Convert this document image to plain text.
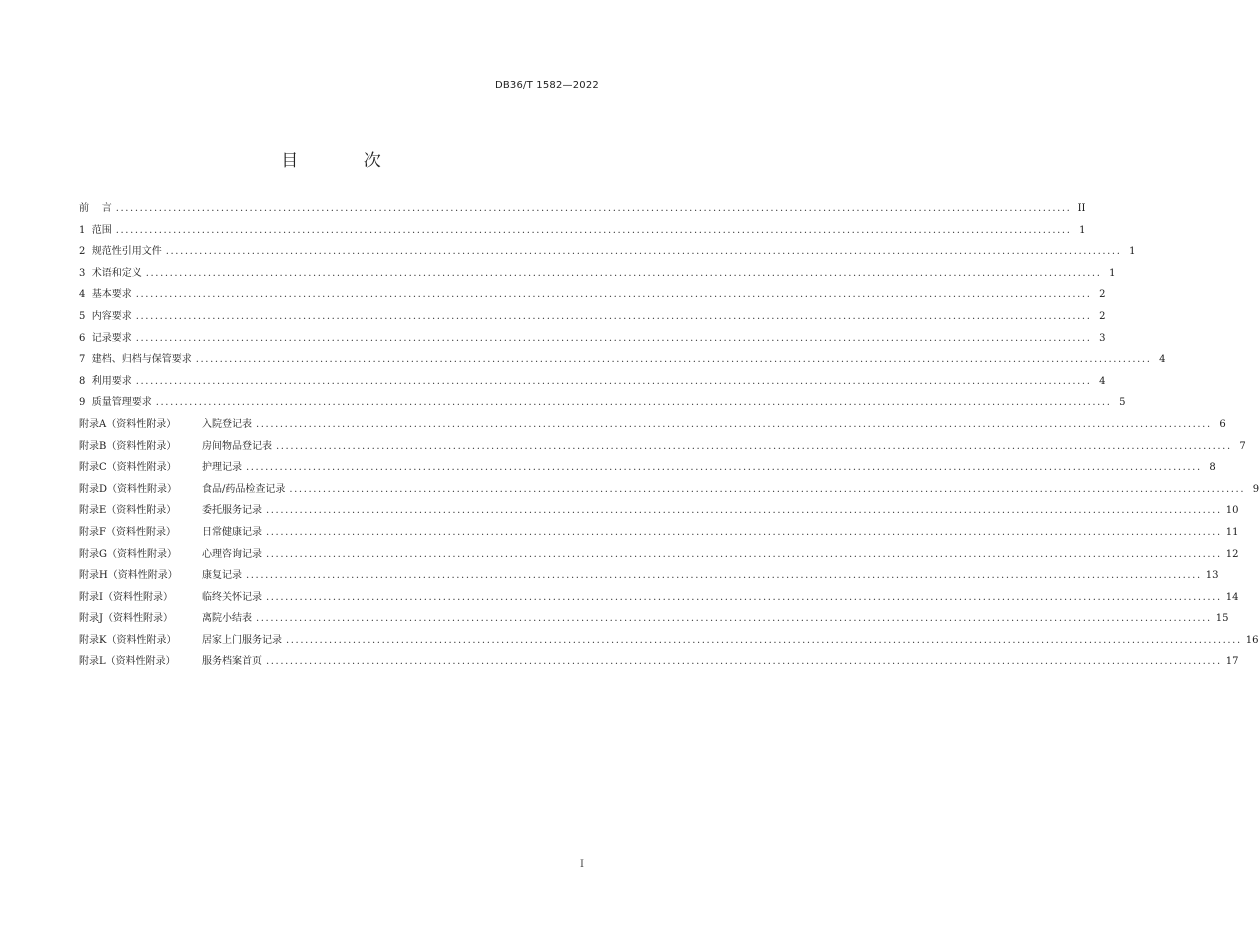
DB36/T 1582—2022
目 次
前    言 ........................................................................................................................................................................................................ II
1  范围 ........................................................................................................................................................................................................ 1
2  规范性引用文件 ........................................................................................................................................................................................................ 1
3  术语和定义 ........................................................................................................................................................................................................ 1
4  基本要求 ........................................................................................................................................................................................................ 2
5  内容要求 ........................................................................................................................................................................................................ 2
6  记录要求 ........................................................................................................................................................................................................ 3
7  建档、归档与保管要求 ........................................................................................................................................................................................................ 4
8  利用要求 ........................................................................................................................................................................................................ 4
9  质量管理要求 ........................................................................................................................................................................................................ 5
附录A（资料性附录）	入院登记表 ........................................................................................................................................................................................................ 6
附录B（资料性附录）	房间物品登记表 ........................................................................................................................................................................................................ 7
附录C（资料性附录）	护理记录 ........................................................................................................................................................................................................ 8
附录D（资料性附录） 食品/药品检查记录 ........................................................................................................................................................................................................ 9
附录E（资料性附录）	委托服务记录 ........................................................................................................................................................................................................ 10
附录F（资料性附录）	日常健康记录 ........................................................................................................................................................................................................ 11
附录G（资料性附录）	心理咨询记录 ........................................................................................................................................................................................................ 12
附录H（资料性附录） 康复记录 ........................................................................................................................................................................................................ 13
附录I（资料性附录）	临终关怀记录 ........................................................................................................................................................................................................ 14
附录J（资料性附录）	离院小结表 ........................................................................................................................................................................................................ 15
附录K（资料性附录）	居家上门服务记录 ........................................................................................................................................................................................................ 16
附录L（资料性附录）	服务档案首页 ........................................................................................................................................................................................................ 17
I
